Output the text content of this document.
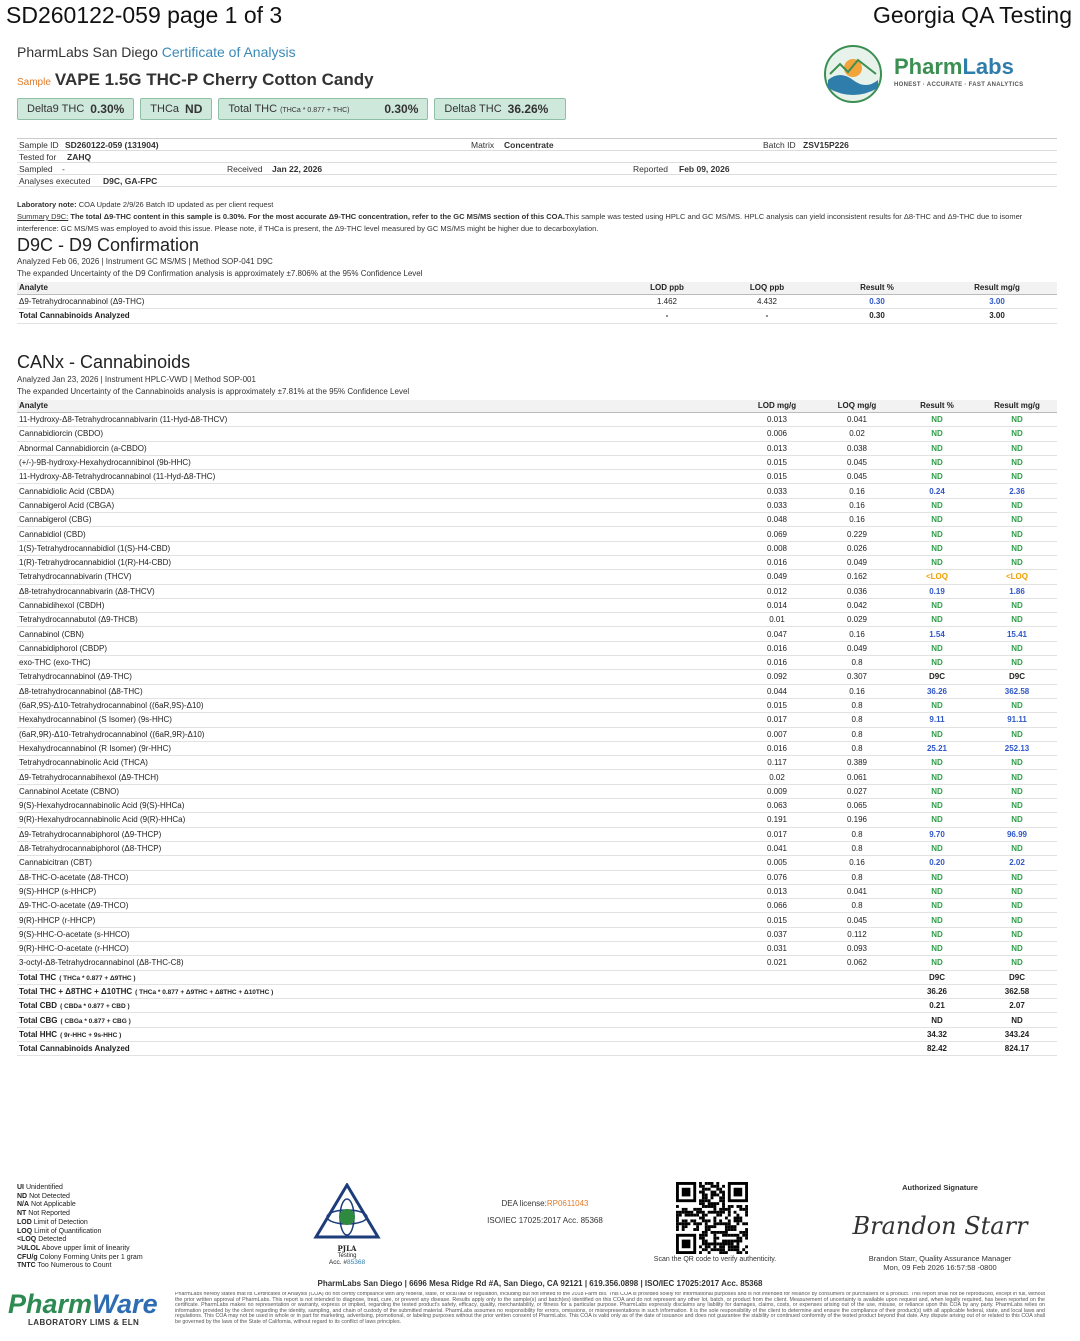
SD260122-059 page 1 of 3	Georgia QA Testing
PharmLabs San Diego Certificate of Analysis
Sample VAPE 1.5G THC-P Cherry Cotton Candy
Delta9 THC 0.30% THCa ND Total THC (THCa * 0.877 + THC)	0.30% Delta8 THC 36.26%
PharmLabs
HONEST · ACCURATE · FAST ANALYTICS
Sample ID SD260122-059 (131904)	Matrix Concentrate	Batch ID ZSV15P226
Tested for ZAHQ
Sampled -	Received Jan 22, 2026	Reported Feb 09, 2026
Analyses executed D9C, GA-FPC
Laboratory note: COA Update 2/9/26 Batch ID updated as per client request
Summary D9C: The total Δ9-THC content in this sample is 0.30%. For the most accurate Δ9-THC concentration, refer to the GC MS/MS section of this COA.This sample was tested using HPLC and GC MS/MS. HPLC analysis can yield inconsistent results for Δ8-THC and Δ9-THC due to isomer interference: GC MS/MS was employed to avoid this issue. Please note, if THCa is present, the Δ9-THC level measured by GC MS/MS might be higher due to decarboxylation.
D9C - D9 Confirmation
Analyzed Feb 06, 2026 | Instrument GC MS/MS | Method SOP-041 D9C
The expanded Uncertainty of the D9 Confirmation analysis is approximately ±7.806% at the 95% Confidence Level
Analyte	LOD ppb	LOQ ppb	Result %	Result mg/g
Δ9-Tetrahydrocannabinol (Δ9-THC)	1.462	4.432	0.30	3.00
Total Cannabinoids Analyzed	-	-	0.30	3.00
CANx - Cannabinoids
Analyzed Jan 23, 2026 | Instrument HPLC-VWD | Method SOP-001
The expanded Uncertainty of the Cannabinoids analysis is approximately ±7.81% at the 95% Confidence Level
Analyte	LOD mg/g	LOQ mg/g	Result %	Result mg/g
11-Hydroxy-Δ8-Tetrahydrocannabivarin (11-Hyd-Δ8-THCV)	0.013	0.041	ND	ND
Cannabidiorcin (CBDO)	0.006	0.02	ND	ND
Abnormal Cannabidiorcin (a-CBDO)	0.013	0.038	ND	ND
(+/-)-9B-hydroxy-Hexahydrocannibinol (9b-HHC)	0.015	0.045	ND	ND
11-Hydroxy-Δ8-Tetrahydrocannabinol (11-Hyd-Δ8-THC)	0.015	0.045	ND	ND
Cannabidiolic Acid (CBDA)	0.033	0.16	0.24	2.36
Cannabigerol Acid (CBGA)	0.033	0.16	ND	ND
Cannabigerol (CBG)	0.048	0.16	ND	ND
Cannabidiol (CBD)	0.069	0.229	ND	ND
1(S)-Tetrahydrocannabidiol (1(S)-H4-CBD)	0.008	0.026	ND	ND
1(R)-Tetrahydrocannabidiol (1(R)-H4-CBD)	0.016	0.049	ND	ND
Tetrahydrocannabivarin (THCV)	0.049	0.162	<LOQ	<LOQ
Δ8-tetrahydrocannabivarin (Δ8-THCV)	0.012	0.036	0.19	1.86
Cannabidihexol (CBDH)	0.014	0.042	ND	ND
Tetrahydrocannabutol (Δ9-THCB)	0.01	0.029	ND	ND
Cannabinol (CBN)	0.047	0.16	1.54	15.41
Cannabidiphorol (CBDP)	0.016	0.049	ND	ND
exo-THC (exo-THC)	0.016	0.8	ND	ND
Tetrahydrocannabinol (Δ9-THC)	0.092	0.307	D9C	D9C
Δ8-tetrahydrocannabinol (Δ8-THC)	0.044	0.16	36.26	362.58
(6aR,9S)-Δ10-Tetrahydrocannabinol ((6aR,9S)-Δ10)	0.015	0.8	ND	ND
Hexahydrocannabinol (S Isomer) (9s-HHC)	0.017	0.8	9.11	91.11
(6aR,9R)-Δ10-Tetrahydrocannabinol ((6aR,9R)-Δ10)	0.007	0.8	ND	ND
Hexahydrocannabinol (R Isomer) (9r-HHC)	0.016	0.8	25.21	252.13
Tetrahydrocannabinolic Acid (THCA)	0.117	0.389	ND	ND
Δ9-Tetrahydrocannabihexol (Δ9-THCH)	0.02	0.061	ND	ND
Cannabinol Acetate (CBNO)	0.009	0.027	ND	ND
9(S)-Hexahydrocannabinolic Acid (9(S)-HHCa)	0.063	0.065	ND	ND
9(R)-Hexahydrocannabinolic Acid (9(R)-HHCa)	0.191	0.196	ND	ND
Δ9-Tetrahydrocannabiphorol (Δ9-THCP)	0.017	0.8	9.70	96.99
Δ8-Tetrahydrocannabiphorol (Δ8-THCP)	0.041	0.8	ND	ND
Cannabicitran (CBT)	0.005	0.16	0.20	2.02
Δ8-THC-O-acetate (Δ8-THCO)	0.076	0.8	ND	ND
9(S)-HHCP (s-HHCP)	0.013	0.041	ND	ND
Δ9-THC-O-acetate (Δ9-THCO)	0.066	0.8	ND	ND
9(R)-HHCP (r-HHCP)	0.015	0.045	ND	ND
9(S)-HHC-O-acetate (s-HHCO)	0.037	0.112	ND	ND
9(R)-HHC-O-acetate (r-HHCO)	0.031	0.093	ND	ND
3-octyl-Δ8-Tetrahydrocannabinol (Δ8-THC-C8)	0.021	0.062	ND	ND
Total THC ( THCa * 0.877 + Δ9THC )			D9C	D9C
Total THC + Δ8THC + Δ10THC ( THCa * 0.877 + Δ9THC + Δ8THC + Δ10THC )			36.26	362.58
Total CBD ( CBDa * 0.877 + CBD )			0.21	2.07
Total CBG ( CBGa * 0.877 + CBG )			ND	ND
Total HHC ( 9r-HHC + 9s-HHC )			34.32	343.24
Total Cannabinoids Analyzed			82.42	824.17
UI Unidentified
ND Not Detected
N/A Not Applicable
NT Not Reported
LOD Limit of Detection
LOQ Limit of Quantification
<LOQ Detected
>ULOL Above upper limit of linearity
CFU/g Colony Forming Units per 1 gram
TNTC Too Numerous to Count
PJLA
Testing
Acc. #85368
DEA license:RP0611043
ISO/IEC 17025:2017 Acc. 85368
Scan the QR code to verify authenticity.
Authorized Signature
Brandon Starr
Brandon Starr, Quality Assurance Manager
Mon, 09 Feb 2026 16:57:58 -0800
PharmLabs San Diego | 6696 Mesa Ridge Rd #A, San Diego, CA 92121 | 619.356.0898 | ISO/IEC 17025:2017 Acc. 85368
PharmLabs hereby states that its Certificates of Analysis (COA) do not certify compliance with any federal, state, or local law or regulation, including but not limited to the 2018 Farm Bill. This COA is provided solely for informational purposes and is not intended for reliance by consumers or purchasers of a product. This report shall not be reproduced, except in full, without the prior written approval of PharmLabs. This report is not intended to diagnose, treat, cure, or prevent any disease. Results apply only to the sample(s) and batch(es) identified on this COA and do not represent any other lot, batch, or product from the client. Measurement of uncertainty is available upon request and, when legally required, has been reported on the certificate. PharmLabs makes no representation or warranty, express or implied, regarding the tested product's safety, efficacy, quality, merchantability, or fitness for a particular purpose. PharmLabs expressly disclaims any liability for damages, claims, costs, or expenses arising out of the use, misuse, or reliance upon this COA by any party. PharmLabs relies on information provided by the client regarding the identity, sampling, and chain of custody of the submitted material. PharmLabs assumes no responsibility for errors, omissions, or misrepresentations in such information. It is the sole responsibility of the client to determine and ensure the compliance of their product(s) with all applicable federal, state, and local laws and regulations. This COA may not be used in whole or in part for marketing, advertising, promotional, or labeling purposes without the prior written consent of PharmLabs. This COA is valid only as of the date of issuance and does not guarantee the stability or continued conformity of the tested product beyond that date. Any dispute arising out of or related to this COA shall be governed by the laws of the State of California, without regard to its conflict of laws principles.
PharmWare
LABORATORY LIMS & ELN
